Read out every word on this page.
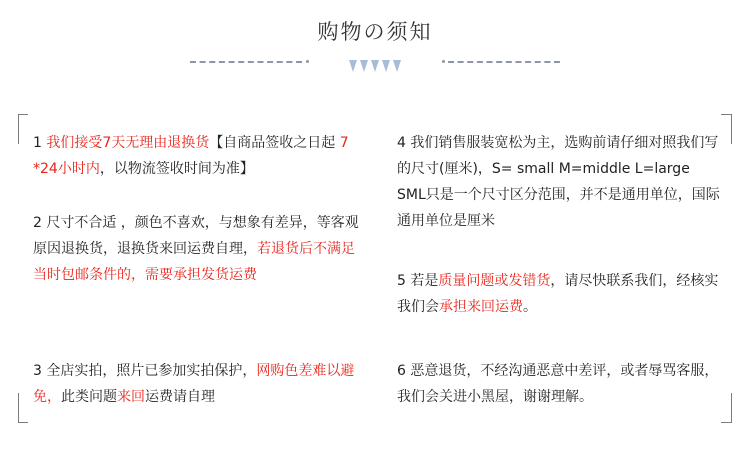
购物の须知
1 我们接受7天无理由退换货【自商品签收之日起 7 *24小时内，以物流签收时间为准】
2 尺寸不合适 ，颜色不喜欢，与想象有差异，等客观原因退换货，退换货来回运费自理，若退货后不满足当时包邮条件的，需要承担发货运费
3 全店实拍，照片已参加实拍保护，网购色差难以避免，此类问题来回运费请自理
4 我们销售服装宽松为主，选购前请仔细对照我们写的尺寸(厘米)，S= small M=middle L=large SML只是一个尺寸区分范围，并不是通用单位，国际通用单位是厘米
5 若是质量问题或发错货，请尽快联系我们，经核实我们会承担来回运费。
6 恶意退货，不经沟通恶意中差评，或者辱骂客服，我们会关进小黑屋，谢谢理解。
